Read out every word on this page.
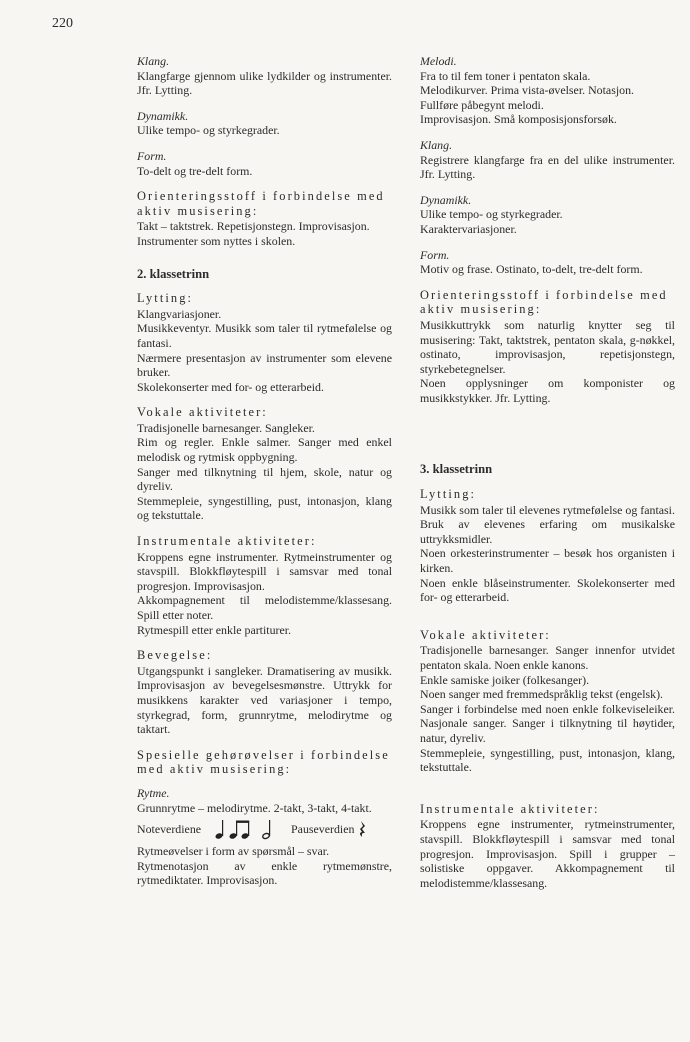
220
Klang.
Klangfarge gjennom ulike lydkilder og instrumenter. Jfr. Lytting.
Dynamikk.
Ulike tempo- og styrkegrader.
Form.
To-delt og tre-delt form.
Orienteringsstoff i forbindelse med aktiv musisering:
Takt – taktstrek. Repetisjonstegn. Improvisasjon.
Instrumenter som nyttes i skolen.
2. klassetrinn
Lytting:
Klangvariasjoner.
Musikkeventyr. Musikk som taler til rytmefølelse og fantasi.
Nærmere presentasjon av instrumenter som elevene bruker.
Skolekonserter med for- og etterarbeid.
Vokale aktiviteter:
Tradisjonelle barnesanger. Sangleker.
Rim og regler. Enkle salmer. Sanger med enkel melodisk og rytmisk oppbygning.
Sanger med tilknytning til hjem, skole, natur og dyreliv.
Stemmepleie, syngestilling, pust, intonasjon, klang og tekstuttale.
Instrumentale aktiviteter:
Kroppens egne instrumenter. Rytmeinstrumenter og stavspill. Blokkfløytespill i samsvar med tonal progresjon. Improvisasjon.
Akkompagnement til melodistemme/klassesang. Spill etter noter.
Rytmespill etter enkle partiturer.
Bevegelse:
Utgangspunkt i sangleker. Dramatisering av musikk. Improvisasjon av bevegelsesmønstre. Uttrykk for musikkens karakter ved variasjoner i tempo, styrkegrad, form, grunnrytme, melodirytme og taktart.
Spesielle gehørøvelser i forbindelse med aktiv musisering:
Rytme.
Grunnrytme – melodirytme. 2-takt, 3-takt, 4-takt.
Noteverdiene	Pauseverdien
Rytmeøvelser i form av spørsmål – svar.
Rytmenotasjon av enkle rytmemønstre, rytmediktater. Improvisasjon.
Melodi.
Fra to til fem toner i pentaton skala.
Melodikurver. Prima vista-øvelser. Notasjon.
Fullføre påbegynt melodi.
Improvisasjon. Små komposisjonsforsøk.
Klang.
Registrere klangfarge fra en del ulike instrumenter. Jfr. Lytting.
Dynamikk.
Ulike tempo- og styrkegrader.
Karaktervariasjoner.
Form.
Motiv og frase. Ostinato, to-delt, tre-delt form.
Orienteringsstoff i forbindelse med aktiv musisering:
Musikkuttrykk som naturlig knytter seg til musisering: Takt, taktstrek, pentaton skala, g-nøkkel, ostinato, improvisasjon, repetisjonstegn, styrkebetegnelser.
Noen opplysninger om komponister og musikkstykker. Jfr. Lytting.
3. klassetrinn
Lytting:
Musikk som taler til elevenes rytmefølelse og fantasi.
Bruk av elevenes erfaring om musikalske uttrykksmidler.
Noen orkesterinstrumenter – besøk hos organisten i kirken.
Noen enkle blåseinstrumenter. Skolekonserter med for- og etterarbeid.
Vokale aktiviteter:
Tradisjonelle barnesanger. Sanger innenfor utvidet pentaton skala. Noen enkle kanons.
Enkle samiske joiker (folkesanger).
Noen sanger med fremmedspråklig tekst (engelsk).
Sanger i forbindelse med noen enkle folkeviseleiker. Nasjonale sanger. Sanger i tilknytning til høytider, natur, dyreliv.
Stemmepleie, syngestilling, pust, intonasjon, klang, tekstuttale.
Instrumentale aktiviteter:
Kroppens egne instrumenter, rytmeinstrumenter, stavspill. Blokkfløytespill i samsvar med tonal progresjon. Improvisasjon. Spill i grupper – solistiske oppgaver. Akkompagnement til melodistemme/klassesang.
